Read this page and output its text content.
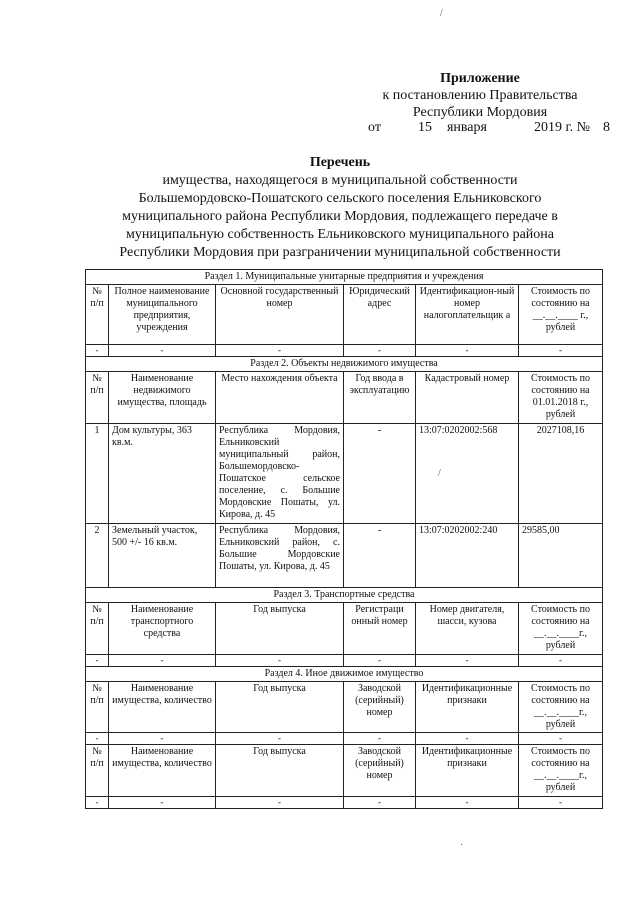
Приложение
к постановлению Правительства
Республики Мордовия
от	15 января	2019 г. № 8
Перечень
имущества, находящегося в муниципальной собственности
Большемордовско-Пошатского сельского поселения Ельниковского
муниципального района Республики Мордовия, подлежащего передаче в
муниципальную собственность Ельниковского муниципального района
Республики Мордовия при разграничении муниципальной собственности
Раздел 1. Муниципальные унитарные предприятия и учреждения					
№ п/п	Полное наименование муниципального предприятия, учреждения	Основной государственный номер	Юридический адрес	Идентификацион-ный номер налогоплательщик а	Стоимость по состоянию на __.__.____ г., рублей
-	-	-	-	-	-
Раздел 2. Объекты недвижимого имущества					
№ п/п	Наименование недвижимого имущества, площадь	Место нахождения объекта	Год ввода в эксплуатацию	Кадастровый номер	Стоимость по состоянию на 01.01.2018 г., рублей
1	Дом культуры, 363 кв.м.	Республика Мордовия, Ельниковский муниципальный район, Большемордовско-Пошатское сельское поселение, с. Большие Мордовские Пошаты, ул. Кирова, д. 45	-	13:07:0202002:568	2027108,16
2	Земельный участок, 500 +/- 16 кв.м.	Республика Мордовия, Ельниковский район, с. Большие Мордовские Пошаты, ул. Кирова, д. 45	-	13:07:0202002:240	29585,00
Раздел 3. Транспортные средства					
№ п/п	Наименование транспортного средства	Год выпуска	Регистраци онный номер	Номер двигателя, шасси, кузова	Стоимость по состоянию на __.__.____г., рублей
-	-	-	-	-	-
Раздел 4. Иное движимое имущество					
№ п/п	Наименование имущества, количество	Год выпуска	Заводской (серийный) номер	Идентификационные признаки	Стоимость по состоянию на __.__.____г., рублей
-	-	-	-	-	-
№ п/п	Наименование имущества, количество	Год выпуска	Заводской (серийный) номер	Идентификационные признаки	Стоимость по состоянию на __.__.____г., рублей
-	-	-	-	-	-
/
/
·
